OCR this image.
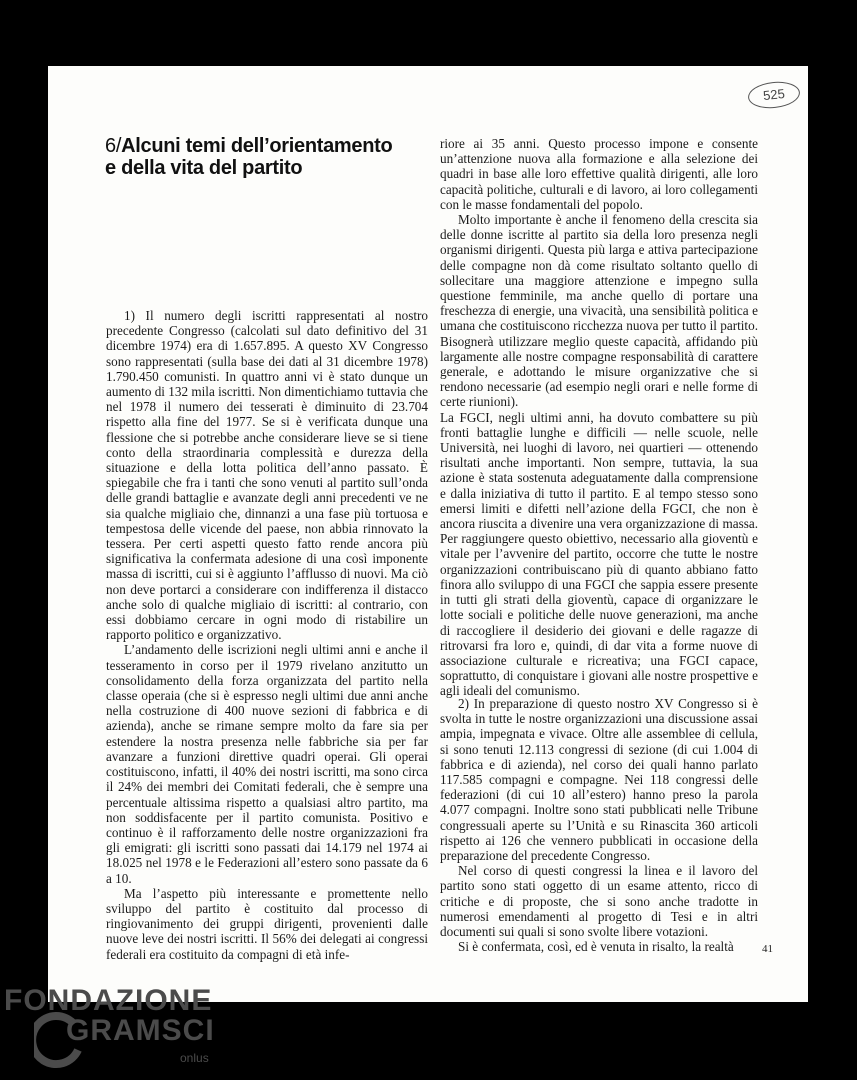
525
6/Alcuni temi dell’orientamento e della vita del partito

1) Il numero degli iscritti rappresentati al nostro precedente Congresso (calcolati sul dato definitivo del 31 dicembre 1974) era di 1.657.895. A questo XV Congresso sono rappresentati (sulla base dei dati al 31 dicembre 1978) 1.790.450 comunisti. In quattro anni vi è stato dunque un aumento di 132 mila iscritti. Non dimentichiamo tuttavia che nel 1978 il numero dei tesserati è diminuito di 23.704 rispetto alla fine del 1977. Se si è verificata dunque una flessione che si potrebbe anche considerare lieve se si tiene conto della straordinaria complessità e durezza della situazione e della lotta politica dell’anno passato. È spiegabile che fra i tanti che sono venuti al partito sull’onda delle grandi battaglie e avanzate degli anni precedenti ve ne sia qualche migliaio che, dinnanzi a una fase più tortuosa e tempestosa delle vicende del paese, non abbia rinnovato la tessera. Per certi aspetti questo fatto rende ancora più significativa la confermata adesione di una così imponente massa di iscritti, cui si è aggiunto l’afflusso di nuovi. Ma ciò non deve portarci a considerare con indifferenza il distacco anche solo di qualche migliaio di iscritti: al contrario, con essi dobbiamo cercare in ogni modo di ristabilire un rapporto politico e organizzativo.

L’andamento delle iscrizioni negli ultimi anni e anche il tesseramento in corso per il 1979 rivelano anzitutto un consolidamento della forza organizzata del partito nella classe operaia (che si è espresso negli ultimi due anni anche nella costruzione di 400 nuove sezioni di fabbrica e di azienda), anche se rimane sempre molto da fare sia per estendere la nostra presenza nelle fabbriche sia per far avanzare a funzioni direttive quadri operai. Gli operai costituiscono, infatti, il 40% dei nostri iscritti, ma sono circa il 24% dei membri dei Comitati federali, che è sempre una percentuale altissima rispetto a qualsiasi altro partito, ma non soddisfacente per il partito comunista. Positivo e continuo è il rafforzamento delle nostre organizzazioni fra gli emigrati: gli iscritti sono passati dai 14.179 nel 1974 ai 18.025 nel 1978 e le Federazioni all’estero sono passate da 6 a 10.

Ma l’aspetto più interessante e promettente nello sviluppo del partito è costituito dal processo di ringiovanimento dei gruppi dirigenti, provenienti dalle nuove leve dei nostri iscritti. Il 56% dei delegati ai congressi federali era costituito da compagni di età infe-

riore ai 35 anni. Questo processo impone e consente un’attenzione nuova alla formazione e alla selezione dei quadri in base alle loro effettive qualità dirigenti, alle loro capacità politiche, culturali e di lavoro, ai loro collegamenti con le masse fondamentali del popolo.

Molto importante è anche il fenomeno della crescita sia delle donne iscritte al partito sia della loro presenza negli organismi dirigenti. Questa più larga e attiva partecipazione delle compagne non dà come risultato soltanto quello di sollecitare una maggiore attenzione e impegno sulla questione femminile, ma anche quello di portare una freschezza di energie, una vivacità, una sensibilità politica e umana che costituiscono ricchezza nuova per tutto il partito. Bisognerà utilizzare meglio queste capacità, affidando più largamente alle nostre compagne responsabilità di carattere generale, e adottando le misure organizzative che si rendono necessarie (ad esempio negli orari e nelle forme di certe riunioni).

La FGCI, negli ultimi anni, ha dovuto combattere su più fronti battaglie lunghe e difficili — nelle scuole, nelle Università, nei luoghi di lavoro, nei quartieri — ottenendo risultati anche importanti. Non sempre, tuttavia, la sua azione è stata sostenuta adeguatamente dalla comprensione e dalla iniziativa di tutto il partito. E al tempo stesso sono emersi limiti e difetti nell’azione della FGCI, che non è ancora riuscita a divenire una vera organizzazione di massa. Per raggiungere questo obiettivo, necessario alla gioventù e vitale per l’avvenire del partito, occorre che tutte le nostre organizzazioni contribuiscano più di quanto abbiano fatto finora allo sviluppo di una FGCI che sappia essere presente in tutti gli strati della gioventù, capace di organizzare le lotte sociali e politiche delle nuove generazioni, ma anche di raccogliere il desiderio dei giovani e delle ragazze di ritrovarsi fra loro e, quindi, di dar vita a forme nuove di associazione culturale e ricreativa; una FGCI capace, soprattutto, di conquistare i giovani alle nostre prospettive e agli ideali del comunismo.

2) In preparazione di questo nostro XV Congresso si è svolta in tutte le nostre organizzazioni una discussione assai ampia, impegnata e vivace. Oltre alle assemblee di cellula, si sono tenuti 12.113 congressi di sezione (di cui 1.004 di fabbrica e di azienda), nel corso dei quali hanno parlato 117.585 compagni e compagne. Nei 118 congressi delle federazioni (di cui 10 all’estero) hanno preso la parola 4.077 compagni. Inoltre sono stati pubblicati nelle Tribune congressuali aperte su l’Unità e su Rinascita 360 articoli rispetto ai 126 che vennero pubblicati in occasione della preparazione del precedente Congresso.

Nel corso di questi congressi la linea e il lavoro del partito sono stati oggetto di un esame attento, ricco di critiche e di proposte, che si sono anche tradotte in numerosi emendamenti al progetto di Tesi e in altri documenti sui quali si sono svolte libere votazioni.

Si è confermata, così, ed è venuta in risalto, la realtà	41
FONDAZIONE
GRAMSCI
onlus
